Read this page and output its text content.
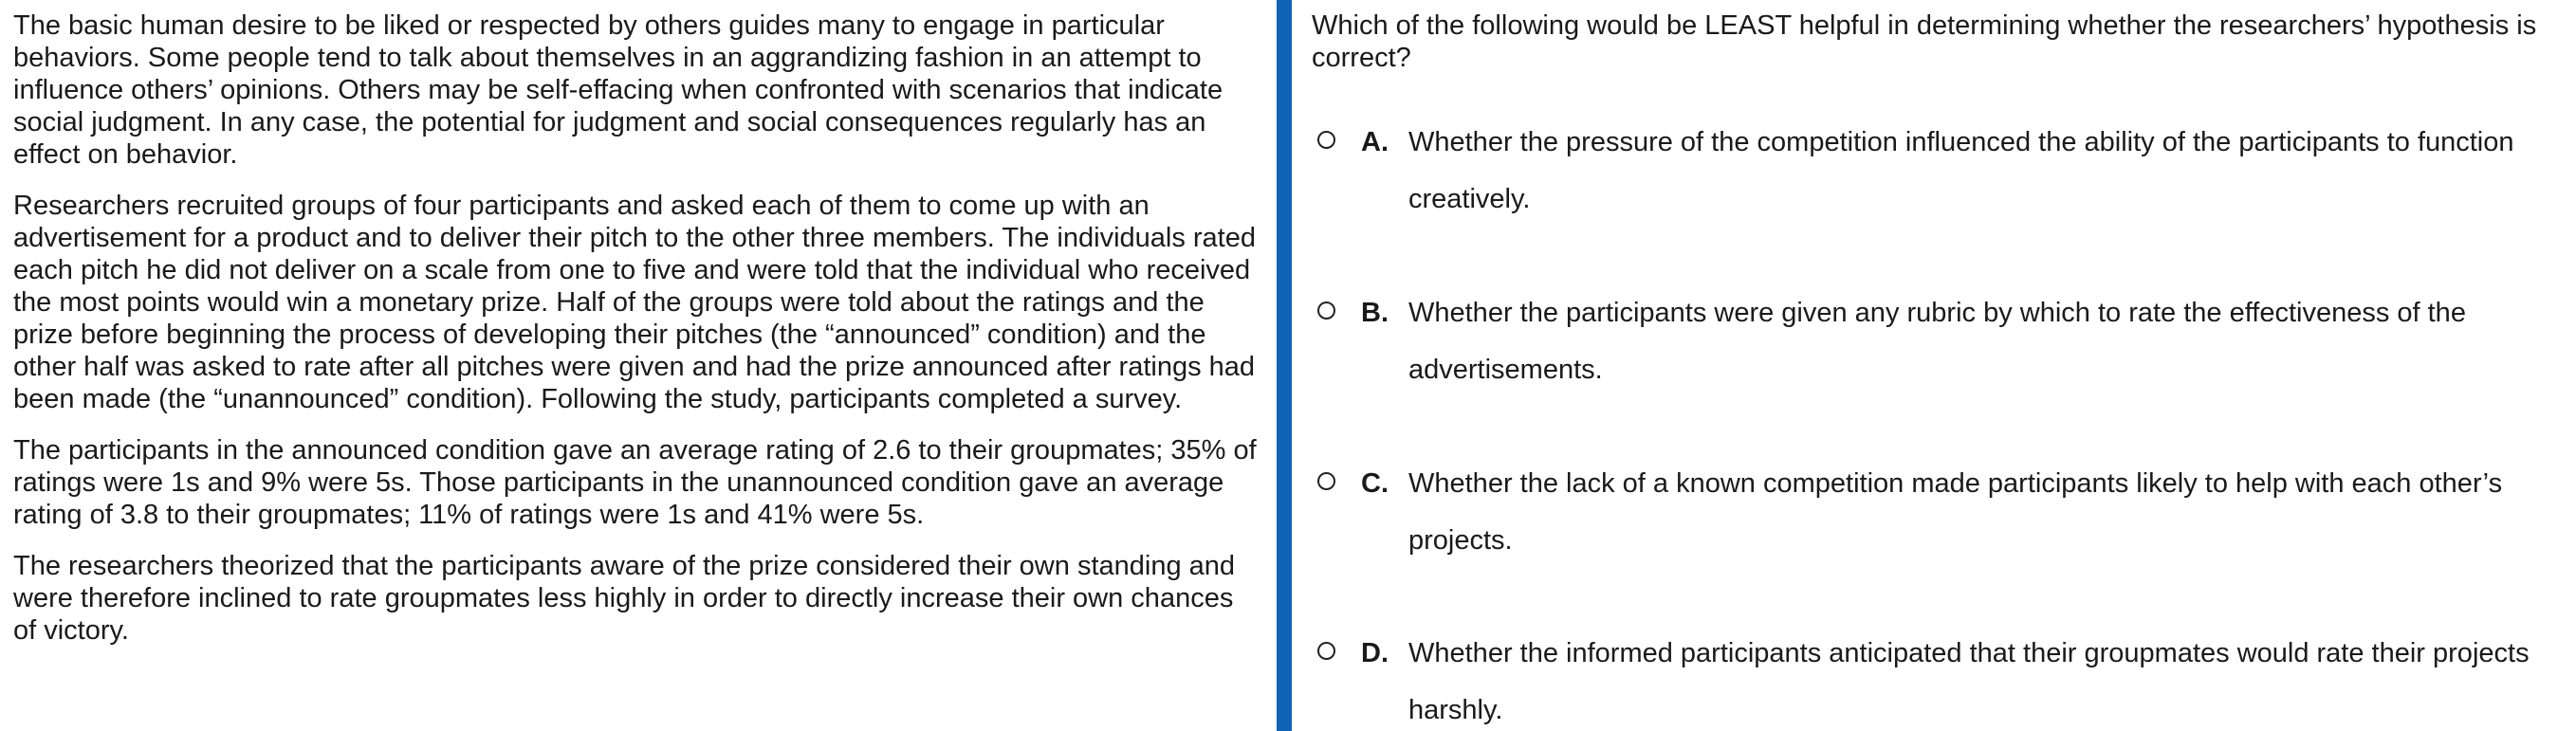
The basic human desire to be liked or respected by others guides many to engage in particular behaviors. Some people tend to talk about themselves in an aggrandizing fashion in an attempt to influence others’ opinions. Others may be self-effacing when confronted with scenarios that indicate social judgment. In any case, the potential for judgment and social consequences regularly has an effect on behavior.

Researchers recruited groups of four participants and asked each of them to come up with an advertisement for a product and to deliver their pitch to the other three members. The individuals rated each pitch he did not deliver on a scale from one to five and were told that the individual who received the most points would win a monetary prize. Half of the groups were told about the ratings and the prize before beginning the process of developing their pitches (the “announced” condition) and the other half was asked to rate after all pitches were given and had the prize announced after ratings had been made (the “unannounced” condition). Following the study, participants completed a survey.

The participants in the announced condition gave an average rating of 2.6 to their groupmates; 35% of ratings were 1s and 9% were 5s. Those participants in the unannounced condition gave an average rating of 3.8 to their groupmates; 11% of ratings were 1s and 41% were 5s.

The researchers theorized that the participants aware of the prize considered their own standing and were therefore inclined to rate groupmates less highly in order to directly increase their own chances of victory.

Which of the following would be LEAST helpful in determining whether the researchers’ hypothesis is correct?
A. Whether the pressure of the competition influenced the ability of the participants to function creatively.
B. Whether the participants were given any rubric by which to rate the effectiveness of the advertisements.
C. Whether the lack of a known competition made participants likely to help with each other’s projects.
D. Whether the informed participants anticipated that their groupmates would rate their projects harshly.
